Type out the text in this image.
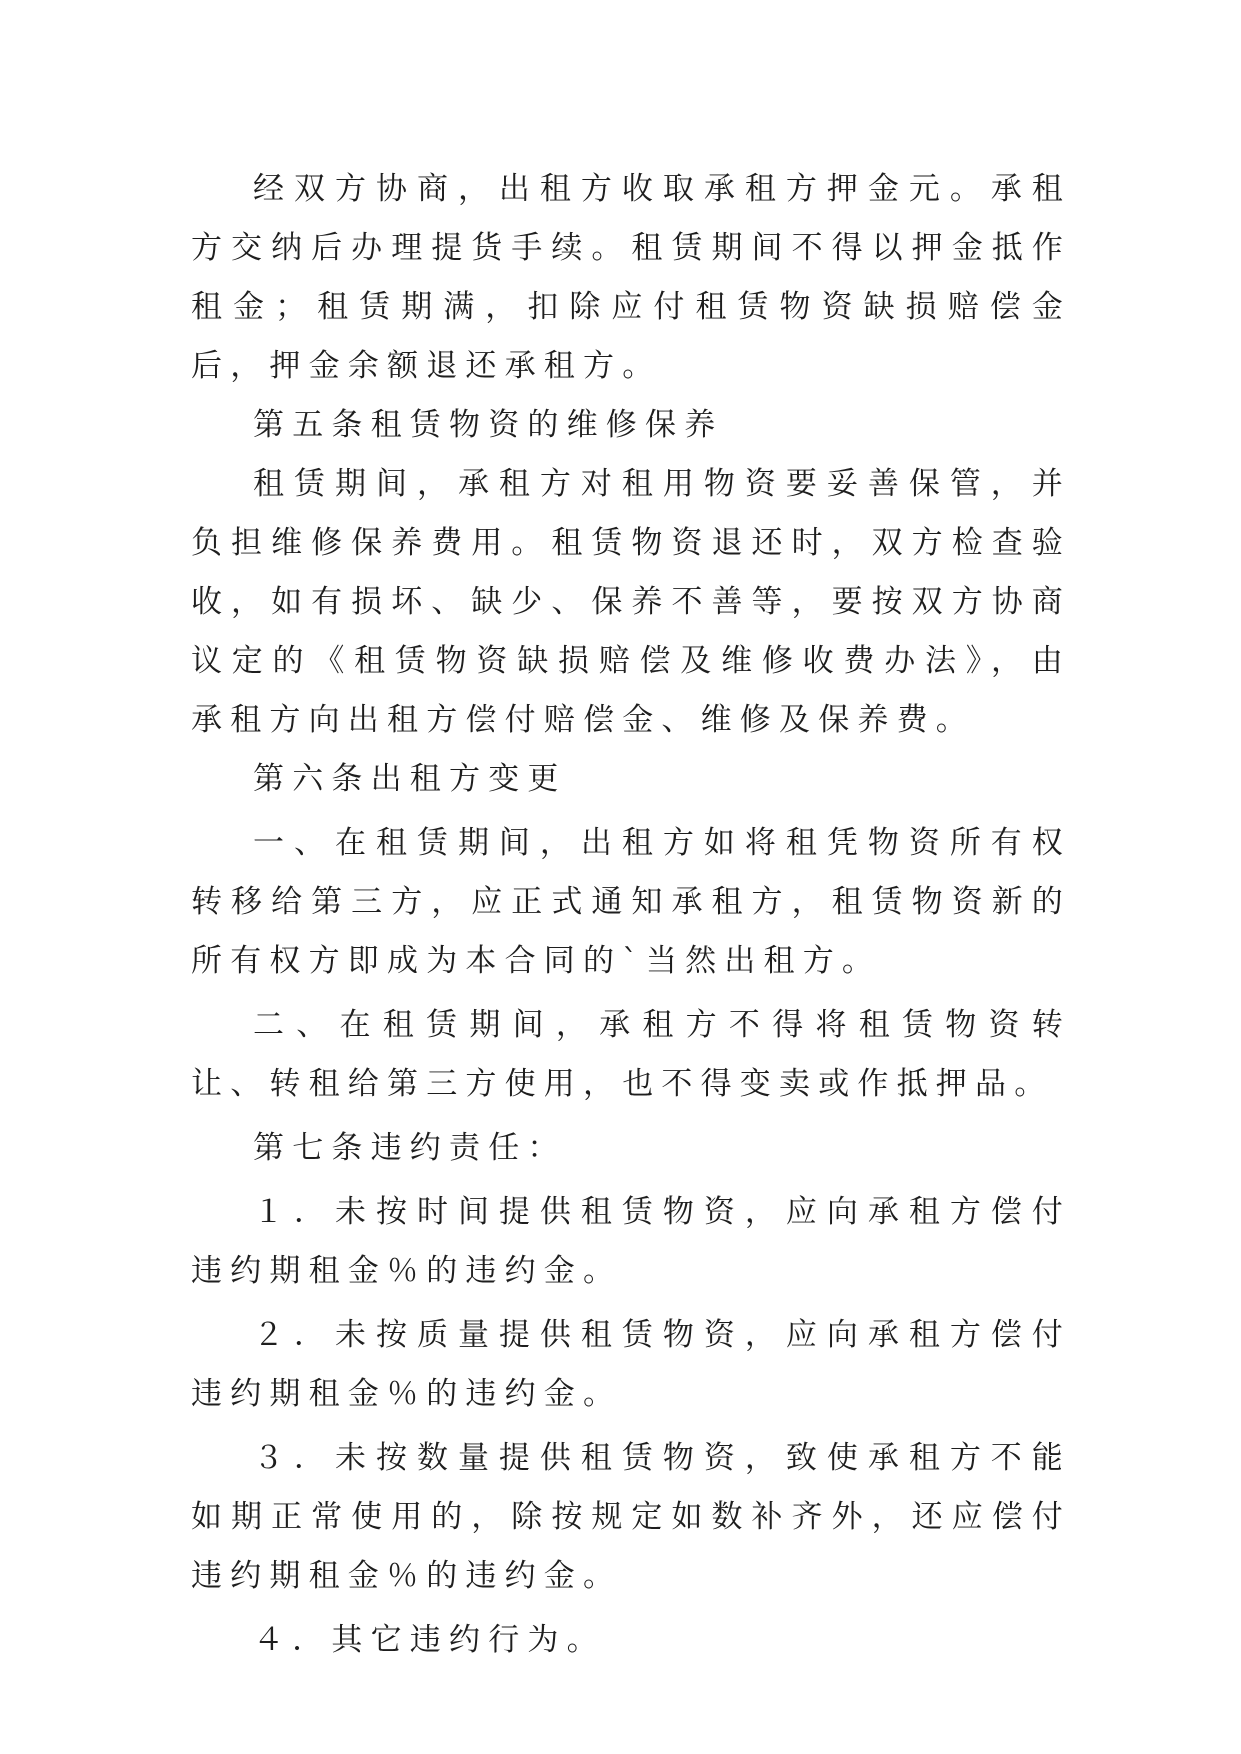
经双方协商，出租方收取承租方押金元。承租方交纳后办理提货手续。租赁期间不得以押金抵作租金；租赁期满，扣除应付租赁物资缺损赔偿金后，押金余额退还承租方。

第五条租赁物资的维修保养

租赁期间，承租方对租用物资要妥善保管，并负担维修保养费用。租赁物资退还时，双方检查验收，如有损坏、缺少、保养不善等，要按双方协商议定的《租赁物资缺损赔偿及维修收费办法》，由承租方向出租方偿付赔偿金、维修及保养费。

第六条出租方变更

一、在租赁期间，出租方如将租凭物资所有权转移给第三方，应正式通知承租方，租赁物资新的所有权方即成为本合同的`当然出租方。

二、在租赁期间，承租方不得将租赁物资转让、转租给第三方使用，也不得变卖或作抵押品。

第七条违约责任：

１．未按时间提供租赁物资，应向承租方偿付违约期租金％的违约金。

２．未按质量提供租赁物资，应向承租方偿付违约期租金％的违约金。

３．未按数量提供租赁物资，致使承租方不能如期正常使用的，除按规定如数补齐外，还应偿付违约期租金％的违约金。

４．其它违约行为。
